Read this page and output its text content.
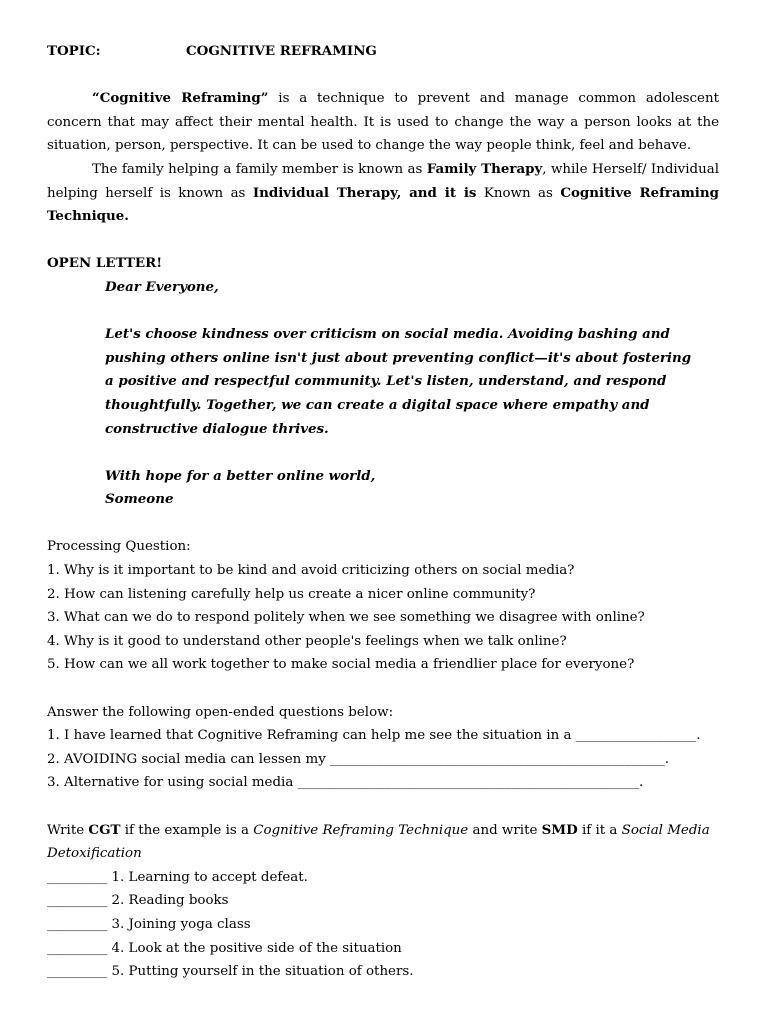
TOPIC:	COGNITIVE REFRAMING

“Cognitive Reframing” is a technique to prevent and manage common adolescent concern that may affect their mental health. It is used to change the way a person looks at the situation, person, perspective. It can be used to change the way people think, feel and behave.

The family helping a family member is known as Family Therapy, while Herself/ Individual helping herself is known as Individual Therapy, and it is Known as Cognitive Reframing Technique.

OPEN LETTER!
Dear Everyone,
Let's choose kindness over criticism on social media. Avoiding bashing and
pushing others online isn't just about preventing conflict—it's about fostering
a positive and respectful community. Let's listen, understand, and respond
thoughtfully. Together, we can create a digital space where empathy and
constructive dialogue thrives.
With hope for a better online world,
Someone
Processing Question:
1. Why is it important to be kind and avoid criticizing others on social media?
2. How can listening carefully help us create a nicer online community?
3. What can we do to respond politely when we see something we disagree with online?
4. Why is it good to understand other people's feelings when we talk online?
5. How can we all work together to make social media a friendlier place for everyone?
Answer the following open-ended questions below:
1. I have learned that Cognitive Reframing can help me see the situation in a __________________.
2. AVOIDING social media can lessen my __________________________________________________.
3. Alternative for using social media ___________________________________________________.

Write CGT if the example is a Cognitive Reframing Technique and write SMD if it a Social Media Detoxification

_________ 1. Learning to accept defeat.
_________ 2. Reading books
_________ 3. Joining yoga class
_________ 4. Look at the positive side of the situation
_________ 5. Putting yourself in the situation of others.
